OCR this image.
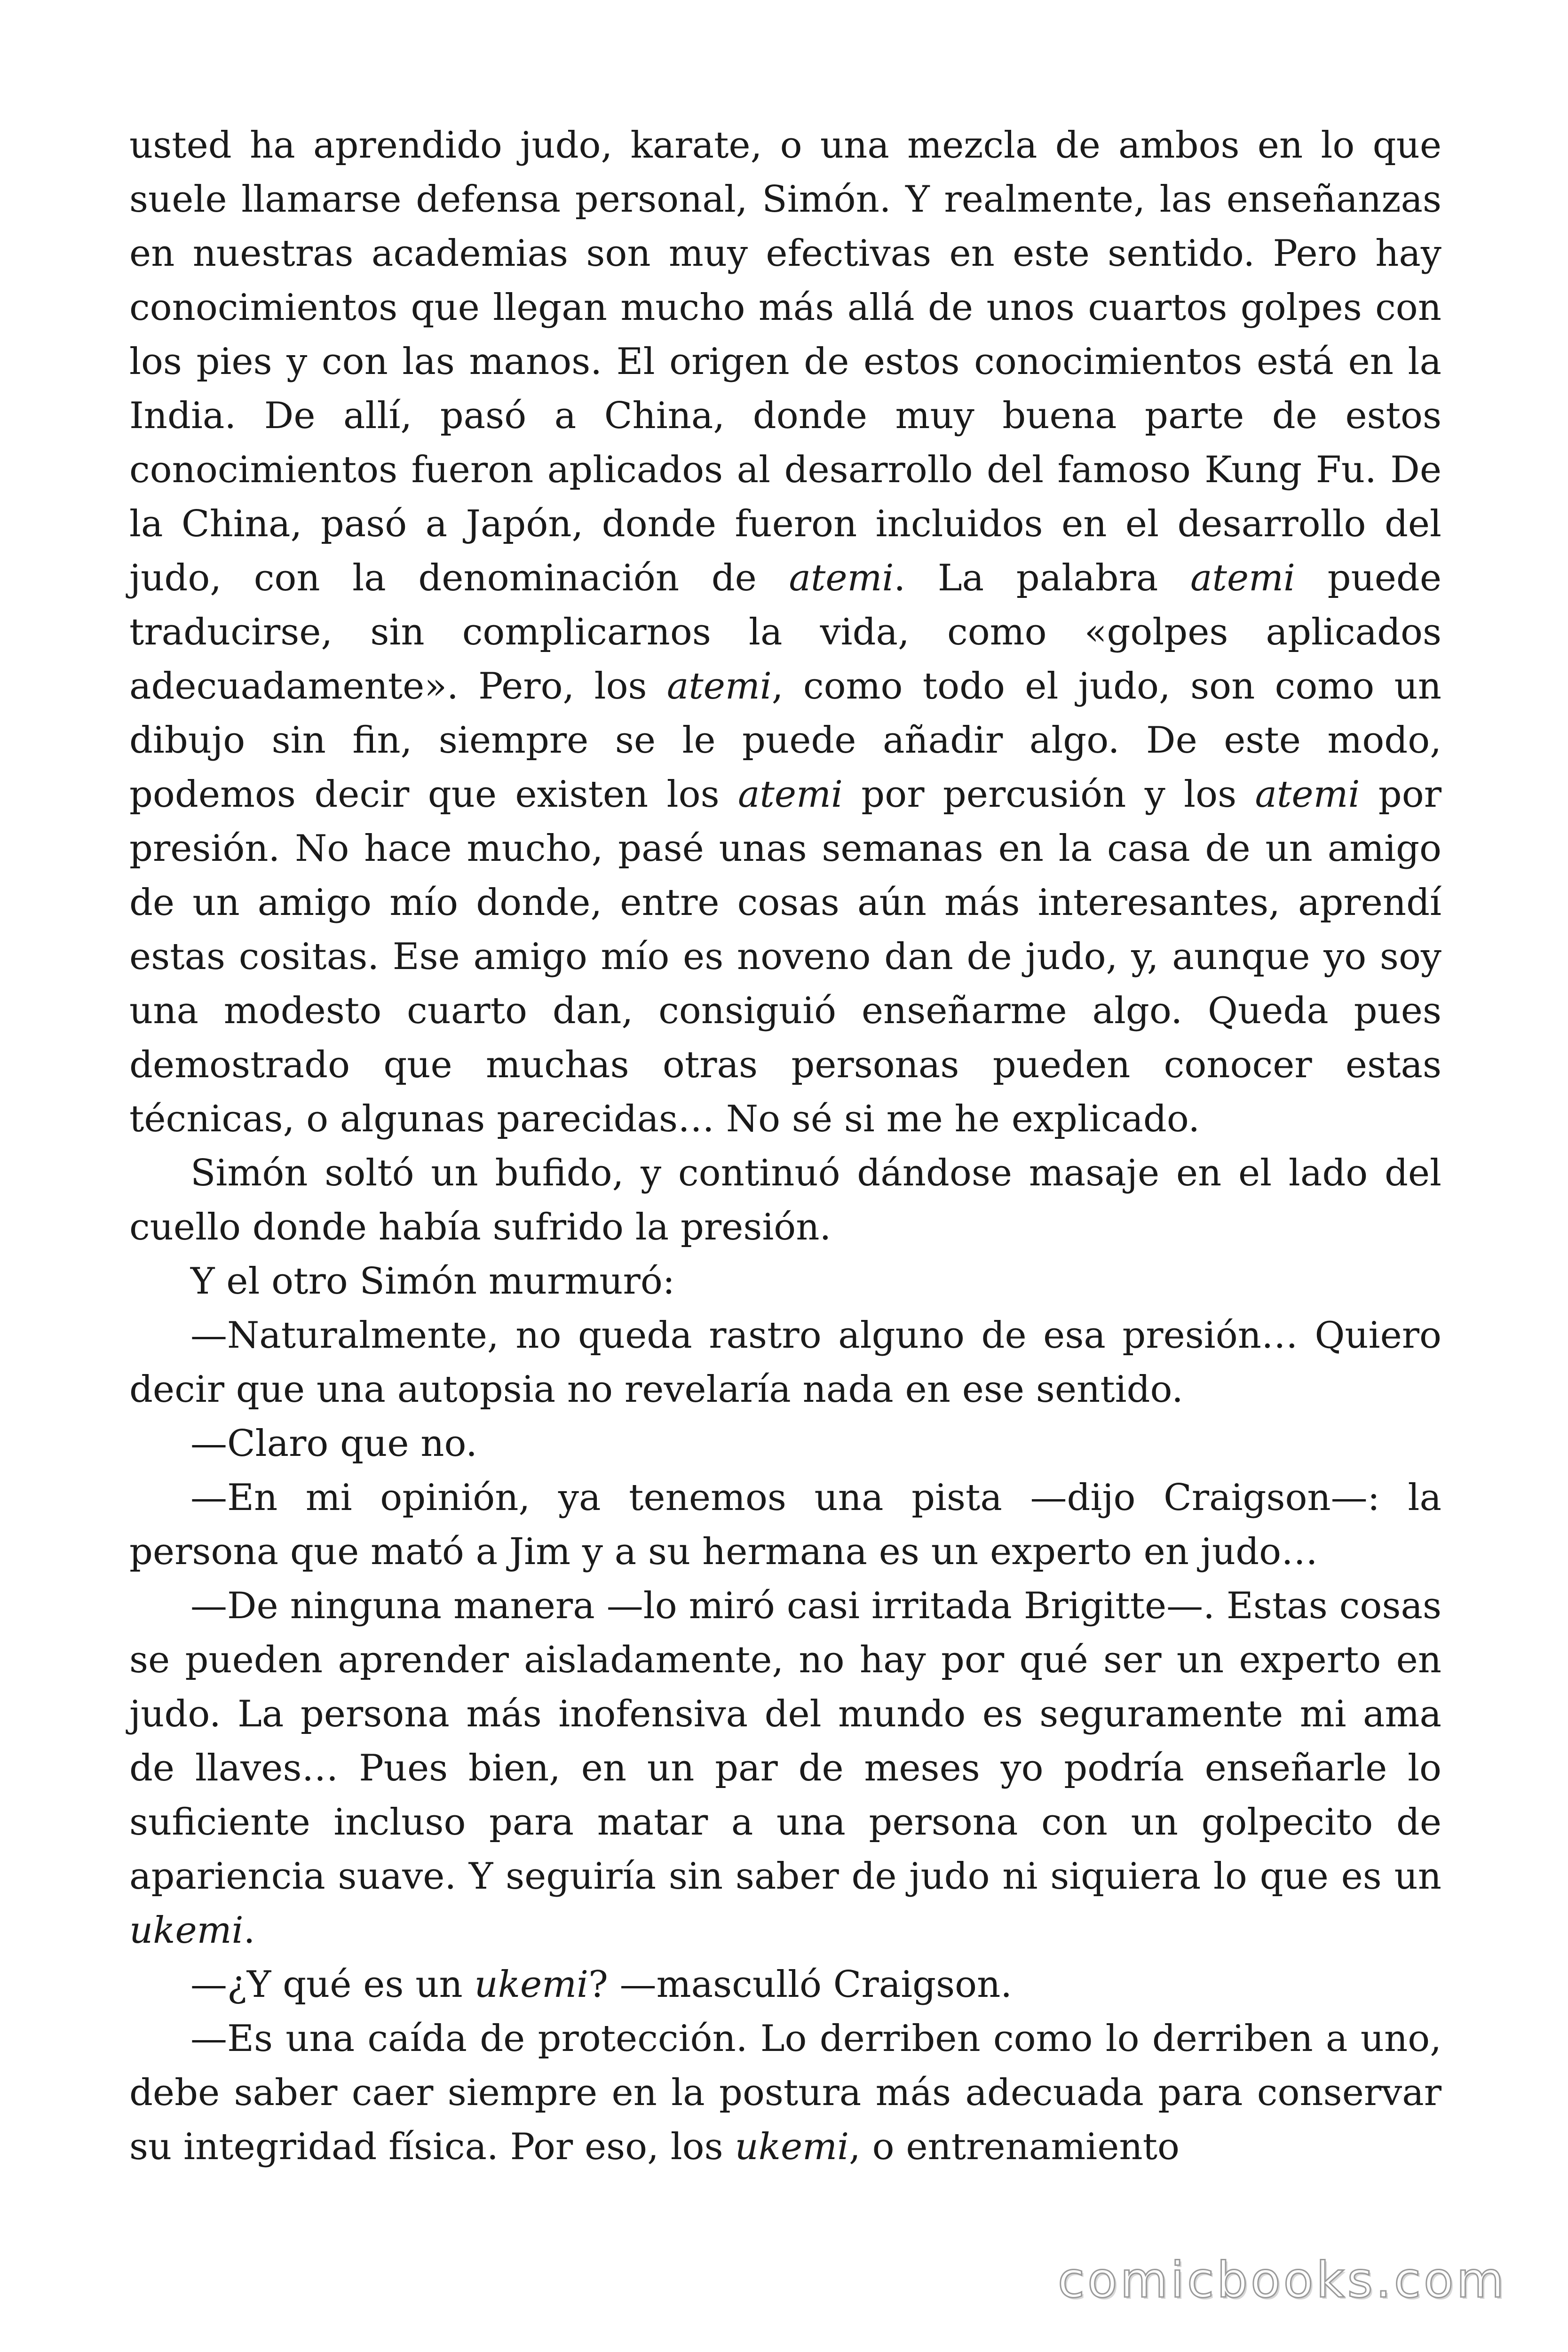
usted ha aprendido judo, karate, o una mezcla de ambos en lo que suele llamarse defensa personal, Simón. Y realmente, las enseñanzas en nuestras academias son muy efectivas en este sentido. Pero hay conocimientos que llegan mucho más allá de unos cuartos golpes con los pies y con las manos. El origen de estos conocimientos está en la India. De allí, pasó a China, donde muy buena parte de estos conocimientos fueron aplicados al desarrollo del famoso Kung Fu. De la China, pasó a Japón, donde fueron incluidos en el desarrollo del judo, con la denominación de atemi. La palabra atemi puede traducirse, sin complicarnos la vida, como «golpes aplicados adecuadamente». Pero, los atemi, como todo el judo, son como un dibujo sin fin, siempre se le puede añadir algo. De este modo, podemos decir que existen los atemi por percusión y los atemi por presión. No hace mucho, pasé unas semanas en la casa de un amigo de un amigo mío donde, entre cosas aún más interesantes, aprendí estas cositas. Ese amigo mío es noveno dan de judo, y, aunque yo soy una modesto cuarto dan, consiguió enseñarme algo. Queda pues demostrado que muchas otras personas pueden conocer estas técnicas, o algunas parecidas… No sé si me he explicado.

Simón soltó un bufido, y continuó dándose masaje en el lado del cuello donde había sufrido la presión.

Y el otro Simón murmuró:

—Naturalmente, no queda rastro alguno de esa presión… Quiero decir que una autopsia no revelaría nada en ese sentido.

—Claro que no.

—En mi opinión, ya tenemos una pista —dijo Craigson—: la persona que mató a Jim y a su hermana es un experto en judo…

—De ninguna manera —lo miró casi irritada Brigitte—. Estas cosas se pueden aprender aisladamente, no hay por qué ser un experto en judo. La persona más inofensiva del mundo es seguramente mi ama de llaves… Pues bien, en un par de meses yo podría enseñarle lo suficiente incluso para matar a una persona con un golpecito de apariencia suave. Y seguiría sin saber de judo ni siquiera lo que es un ukemi.

—¿Y qué es un ukemi? —masculló Craigson.

—Es una caída de protección. Lo derriben como lo derriben a uno, debe saber caer siempre en la postura más adecuada para conservar su integridad física. Por eso, los ukemi, o entrenamiento

comicbooks.com
